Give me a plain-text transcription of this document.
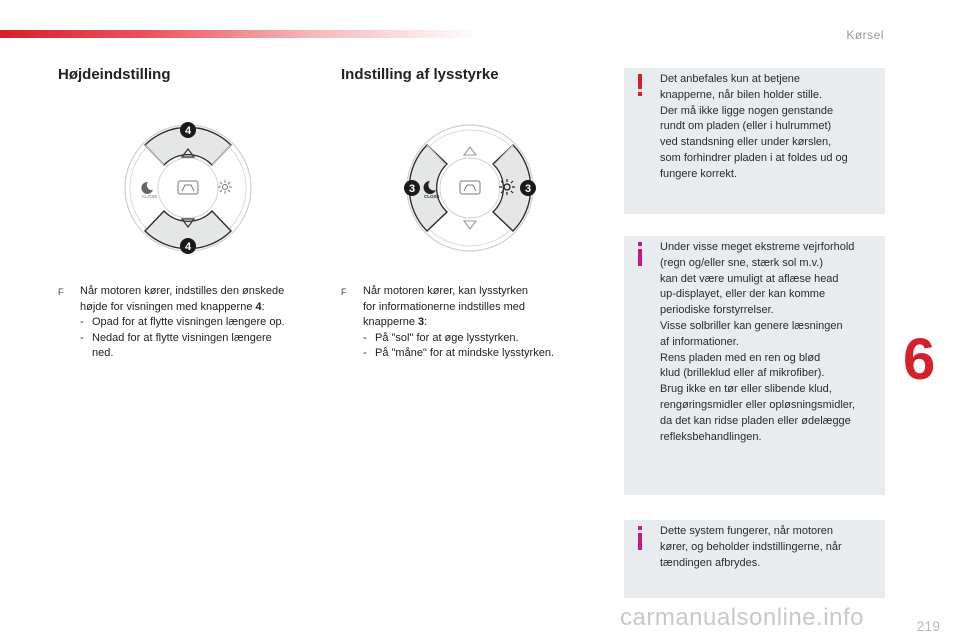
Kørsel
Højdeindstilling
CLOSE
4
4
F	Når motoren kører, indstilles den ønskede
højde for visningen med knapperne 4:
- Opad for at flytte visningen længere op.
- Nedad for at flytte visningen længere
ned.
Indstilling af lysstyrke
CLOSE
3	3
F	Når motoren kører, kan lysstyrken
for informationerne indstilles med
knapperne 3:
- På "sol" for at øge lysstyrken.
- På "måne" for at mindske lysstyrken.
Det anbefales kun at betjene
knapperne, når bilen holder stille.
Der må ikke ligge nogen genstande
rundt om pladen (eller i hulrummet)
ved standsning eller under kørslen,
som forhindrer pladen i at foldes ud og
fungere korrekt.
Under visse meget ekstreme vejrforhold
(regn og/eller sne, stærk sol m.v.)
kan det være umuligt at aflæse head
up-displayet, eller der kan komme
periodiske forstyrrelser.
Visse solbriller kan genere læsningen
af informationer.
Rens pladen med en ren og blød
klud (brilleklud eller af mikrofiber).
Brug ikke en tør eller slibende klud,
rengøringsmidler eller opløsningsmidler,
da det kan ridse pladen eller ødelægge
refleksbehandlingen.
Dette system fungerer, når motoren
kører, og beholder indstillingerne, når
tændingen afbrydes.
6
219
carmanualsonline.info
